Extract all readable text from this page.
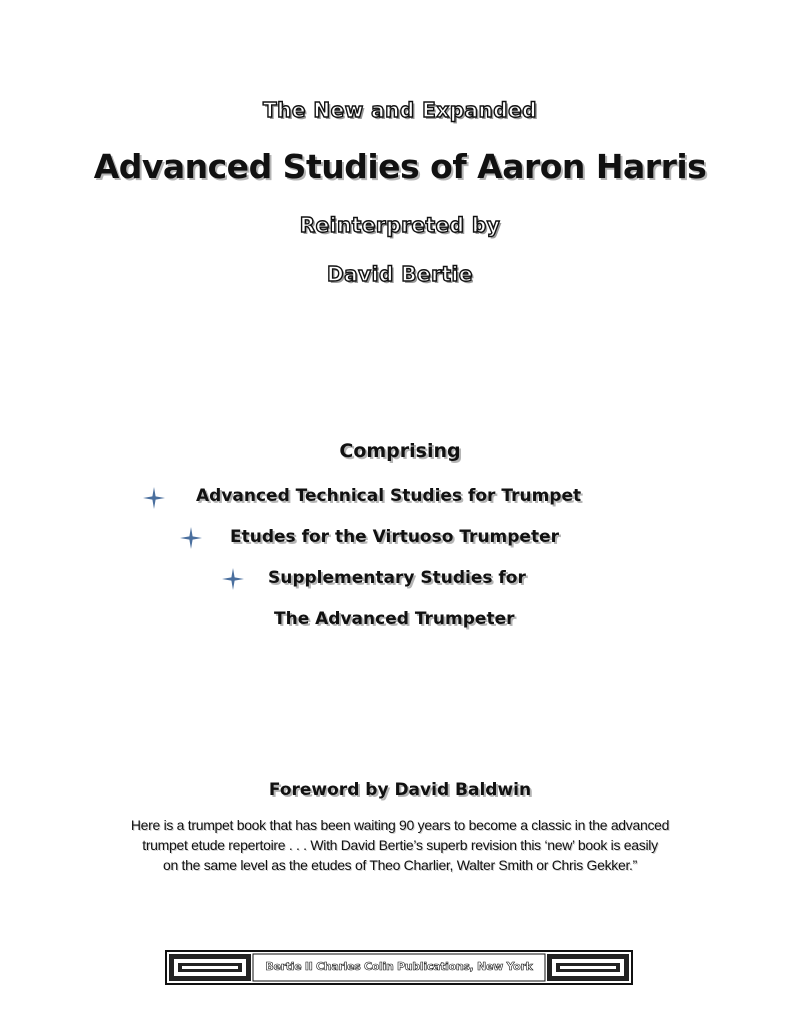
The New and Expanded
Advanced Studies of Aaron Harris
Reinterpreted by
David Bertie
Comprising
Advanced Technical Studies for Trumpet
Etudes for the Virtuoso Trumpeter
Supplementary Studies for
The Advanced Trumpeter
Foreword by David Baldwin
Here is a trumpet book that has been waiting 90 years to become a classic in the advanced
trumpet etude repertoire . . . With David Bertie’s superb revision this ‘new’ book is easily
on the same level as the etudes of Theo Charlier, Walter Smith or Chris Gekker.”
Bertie II Charles Colin Publications, New York
